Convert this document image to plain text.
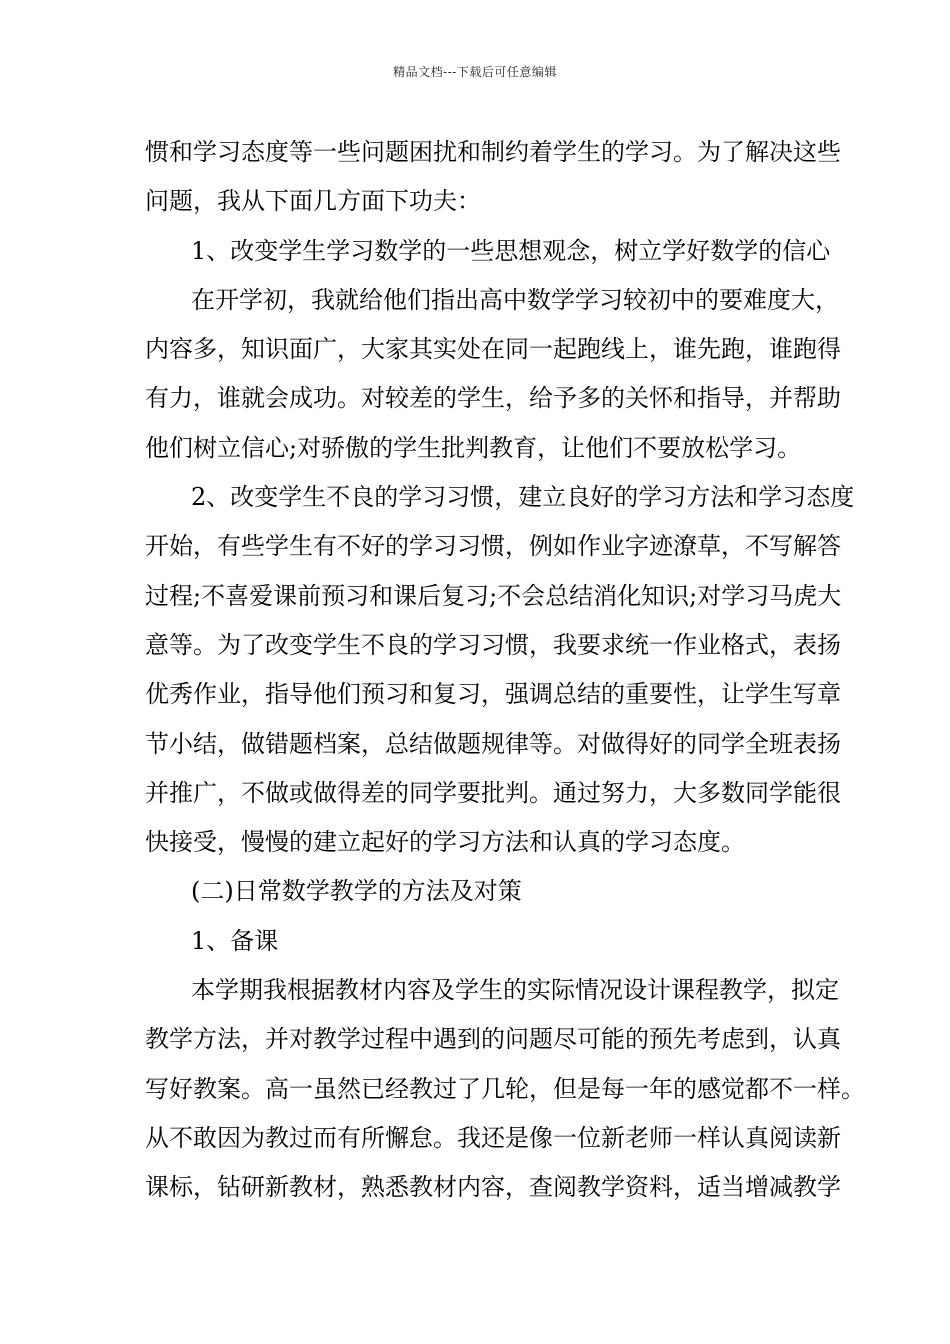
精品文档---下载后可任意编辑
惯和学习态度等一些问题困扰和制约着学生的学习。为了解决这些
问题，我从下面几方面下功夫：
1、改变学生学习数学的一些思想观念，树立学好数学的信心
在开学初，我就给他们指出高中数学学习较初中的要难度大，
内容多，知识面广，大家其实处在同一起跑线上，谁先跑，谁跑得
有力，谁就会成功。对较差的学生，给予多的关怀和指导，并帮助
他们树立信心;对骄傲的学生批判教育，让他们不要放松学习。
2、改变学生不良的学习习惯，建立良好的学习方法和学习态度
开始，有些学生有不好的学习习惯，例如作业字迹潦草，不写解答
过程;不喜爱课前预习和课后复习;不会总结消化知识;对学习马虎大
意等。为了改变学生不良的学习习惯，我要求统一作业格式，表扬
优秀作业，指导他们预习和复习，强调总结的重要性，让学生写章
节小结，做错题档案，总结做题规律等。对做得好的同学全班表扬
并推广，不做或做得差的同学要批判。通过努力，大多数同学能很
快接受，慢慢的建立起好的学习方法和认真的学习态度。
(二)日常数学教学的方法及对策
1、备课
本学期我根据教材内容及学生的实际情况设计课程教学，拟定
教学方法，并对教学过程中遇到的问题尽可能的预先考虑到，认真
写好教案。高一虽然已经教过了几轮，但是每一年的感觉都不一样。
从不敢因为教过而有所懈怠。我还是像一位新老师一样认真阅读新
课标，钻研新教材，熟悉教材内容，查阅教学资料，适当增减教学
